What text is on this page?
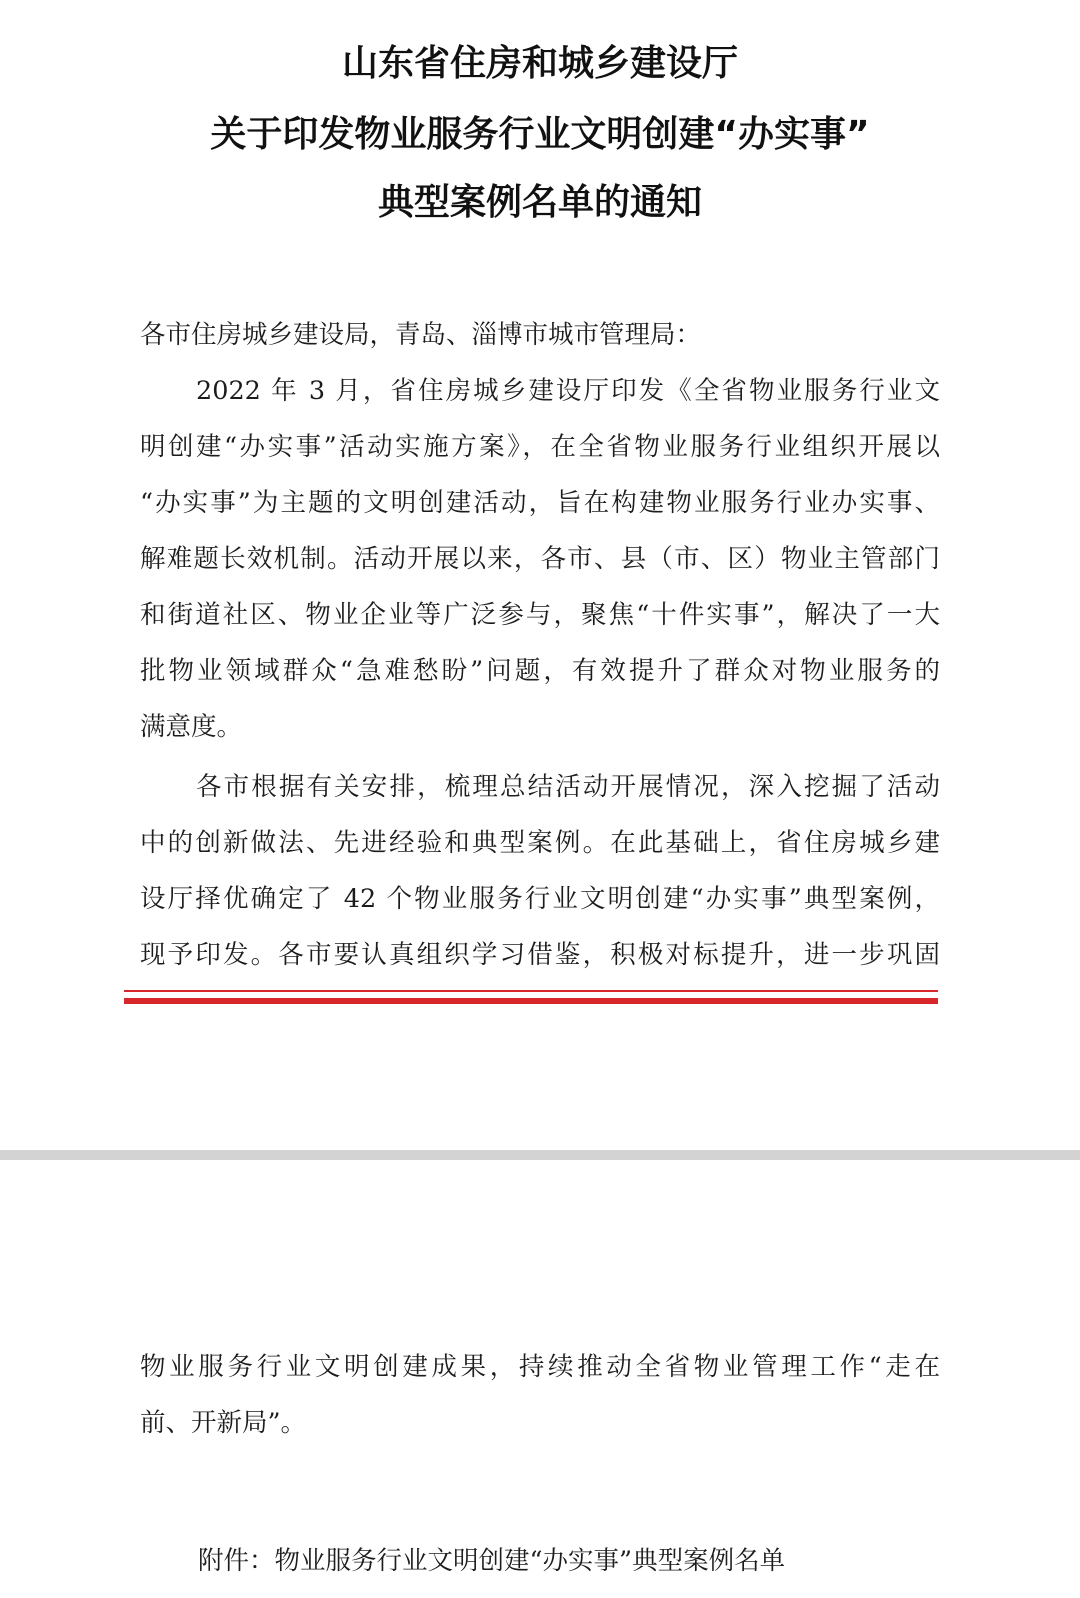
山东省住房和城乡建设厅
关于印发物业服务行业文明创建“办实事”
典型案例名单的通知
各市住房城乡建设局，青岛、淄博市城市管理局：
2022 年 3 月，省住房城乡建设厅印发《全省物业服务行业文
明创建“办实事”活动实施方案》，在全省物业服务行业组织开展以
“办实事”为主题的文明创建活动，旨在构建物业服务行业办实事、
解难题长效机制。活动开展以来，各市、县（市、区）物业主管部门
和街道社区、物业企业等广泛参与，聚焦“十件实事”，解决了一大
批物业领域群众“急难愁盼”问题，有效提升了群众对物业服务的
满意度。
各市根据有关安排，梳理总结活动开展情况，深入挖掘了活动
中的创新做法、先进经验和典型案例。在此基础上，省住房城乡建
设厅择优确定了 42 个物业服务行业文明创建“办实事”典型案例，
现予印发。各市要认真组织学习借鉴，积极对标提升，进一步巩固
物业服务行业文明创建成果，持续推动全省物业管理工作“走在
前、开新局”。
附件：物业服务行业文明创建“办实事”典型案例名单
